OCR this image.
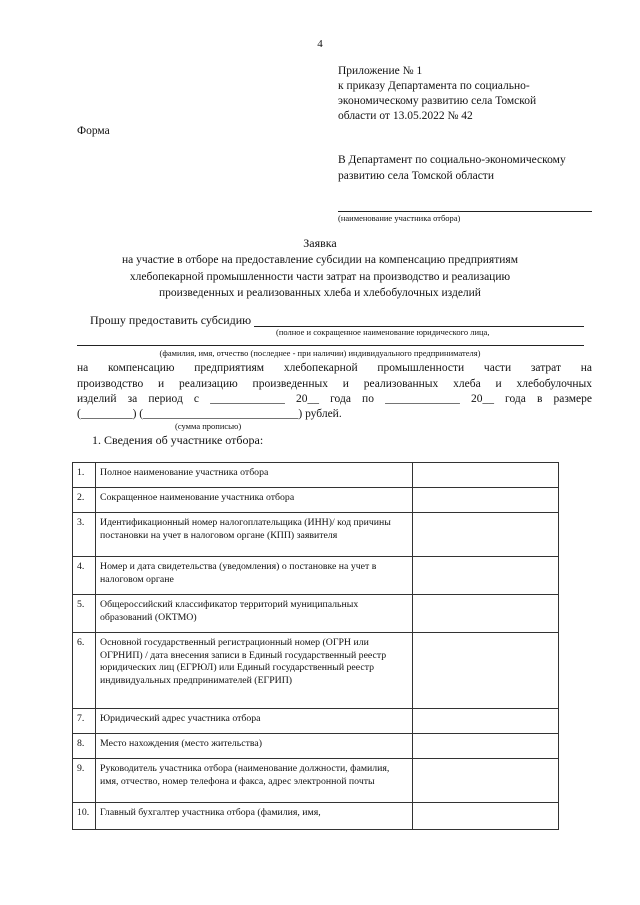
4
Приложение № 1
к приказу Департамента по социально-
экономическому развитию села Томской
области от 13.05.2022 № 42
Форма
В Департамент по социально-экономическому
развитию села Томской области
(наименование участника отбора)
Заявка
на участие в отборе на предоставление субсидии на компенсацию предприятиям
хлебопекарной промышленности части затрат на производство и реализацию
произведенных и реализованных хлеба и хлебобулочных изделий
Прошу предоставить субсидию
(полное и сокращенное наименование юридического лица,
(фамилия, имя, отчество (последнее - при наличии) индивидуального предпринимателя)
на компенсацию предприятиям хлебопекарной промышленности части затрат на
производство и реализацию произведенных и реализованных хлеба и хлебобулочных
изделий за период с _____________ 20__ года по _____________ 20__ года в размере
(_________) (___________________________) рублей.
(сумма прописью)
1. Сведения об участнике отбора:
1.	Полное наименование участника отбора	
2.	Сокращенное наименование участника отбора	
3.	Идентификационный номер налогоплательщика (ИНН)/ код причины постановки на учет в налоговом органе (КПП) заявителя	
4.	Номер и дата свидетельства (уведомления) о постановке на учет в налоговом органе	
5.	Общероссийский классификатор территорий муниципальных образований (ОКТМО)	
6.	Основной государственный регистрационный номер (ОГРН или ОГРНИП) / дата внесения записи в Единый государственный реестр юридических лиц (ЕГРЮЛ) или Единый государственный реестр индивидуальных предпринимателей (ЕГРИП)	
7.	Юридический адрес участника отбора	
8.	Место нахождения (место жительства)	
9.	Руководитель участника отбора (наименование должности, фамилия, имя, отчество, номер телефона и факса, адрес электронной почты	
10.	Главный бухгалтер участника отбора (фамилия, имя,	
